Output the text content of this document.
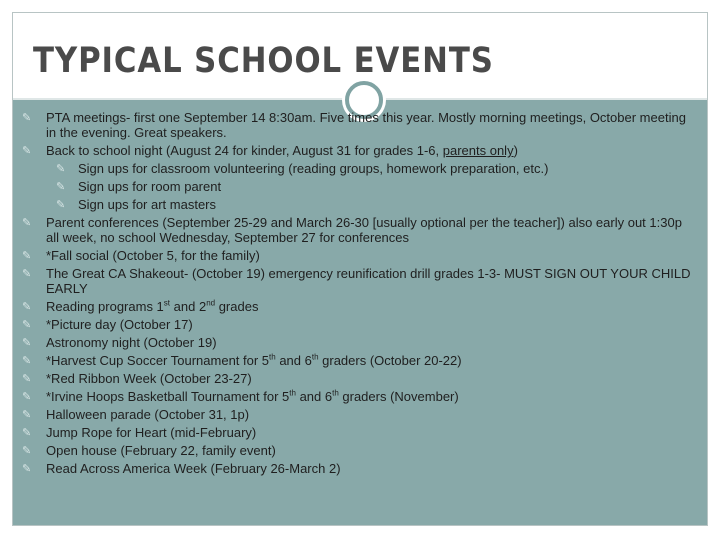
TYPICAL SCHOOL EVENTS
✎ PTA meetings- first one September 14 8:30am. Five times this year. Mostly morning meetings, October meeting in the evening. Great speakers.
✎ Back to school night (August 24 for kinder, August 31 for grades 1-6, parents only)
✎ Sign ups for classroom volunteering (reading groups, homework preparation, etc.)
✎ Sign ups for room parent
✎ Sign ups for art masters
✎ Parent conferences (September 25-29 and March 26-30 [usually optional per the teacher]) also early out 1:30p all week, no school Wednesday, September 27 for conferences
✎ *Fall social (October 5, for the family)
✎ The Great CA Shakeout- (October 19) emergency reunification drill grades 1-3- MUST SIGN OUT YOUR CHILD EARLY
✎ Reading programs 1st and 2nd grades
✎ *Picture day (October 17)
✎ Astronomy night (October 19)
✎ *Harvest Cup Soccer Tournament for 5th and 6th graders (October 20-22)
✎ *Red Ribbon Week (October 23-27)
✎ *Irvine Hoops Basketball Tournament for 5th and 6th graders (November)
✎ Halloween parade (October 31, 1p)
✎ Jump Rope for Heart (mid-February)
✎ Open house (February 22, family event)
✎ Read Across America Week (February 26-March 2)
